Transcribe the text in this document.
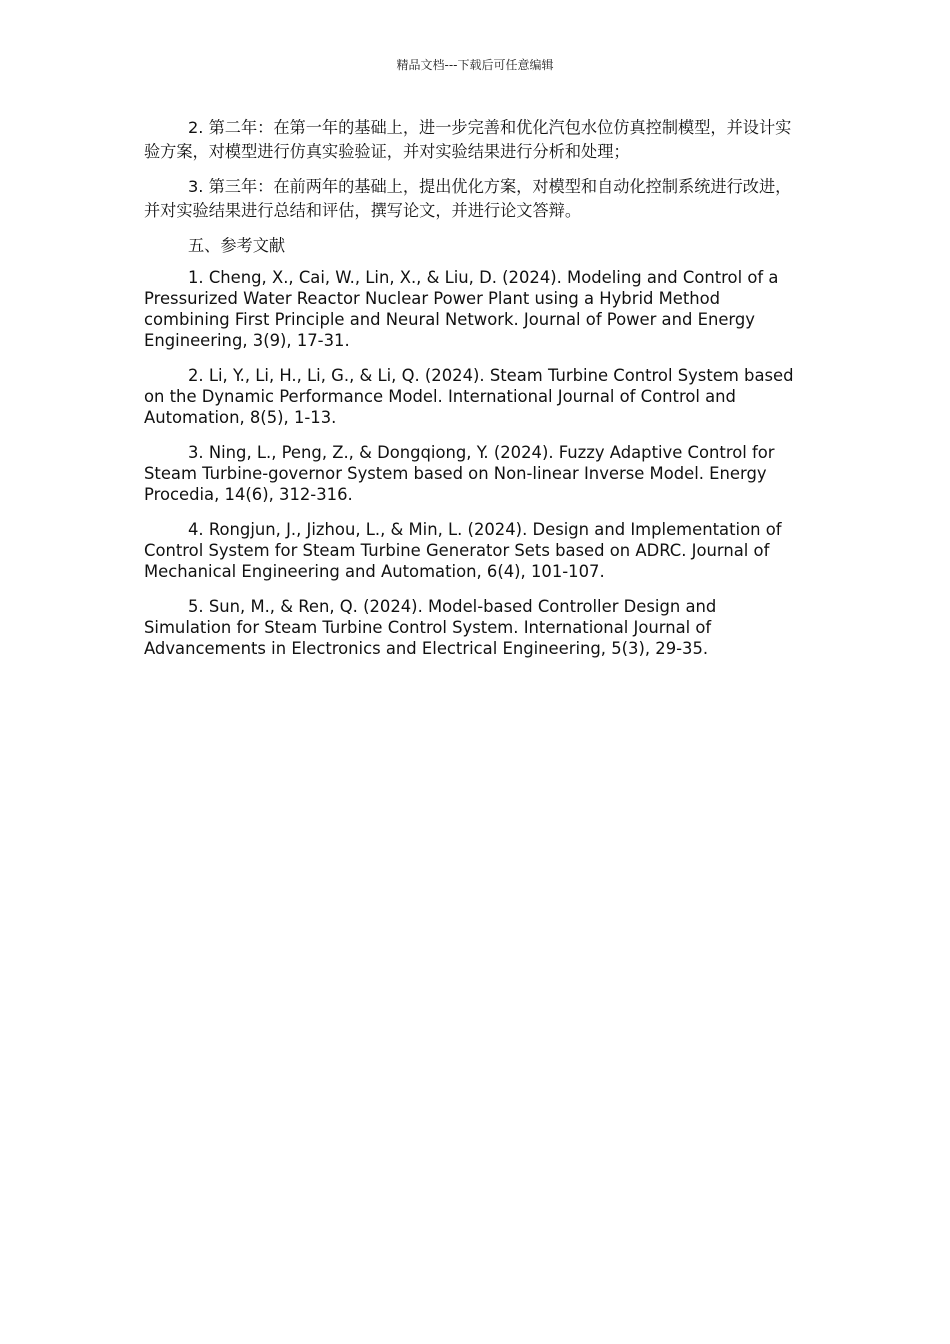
精品文档---下载后可任意编辑

2. 第二年：在第一年的基础上，进一步完善和优化汽包水位仿真控制模型，并设计实验方案，对模型进行仿真实验验证，并对实验结果进行分析和处理；

3. 第三年：在前两年的基础上，提出优化方案，对模型和自动化控制系统进行改进，并对实验结果进行总结和评估，撰写论文，并进行论文答辩。

五、参考文献

1. Cheng, X., Cai, W., Lin, X., & Liu, D. (2024). Modeling and Control of a Pressurized Water Reactor Nuclear Power Plant using a Hybrid Method combining First Principle and Neural Network. Journal of Power and Energy Engineering, 3(9), 17-31.

2. Li, Y., Li, H., Li, G., & Li, Q. (2024). Steam Turbine Control System based on the Dynamic Performance Model. International Journal of Control and Automation, 8(5), 1-13.

3. Ning, L., Peng, Z., & Dongqiong, Y. (2024). Fuzzy Adaptive Control for Steam Turbine-governor System based on Non-linear Inverse Model. Energy Procedia, 14(6), 312-316.

4. Rongjun, J., Jizhou, L., & Min, L. (2024). Design and Implementation of Control System for Steam Turbine Generator Sets based on ADRC. Journal of Mechanical Engineering and Automation, 6(4), 101-107.

5. Sun, M., & Ren, Q. (2024). Model-based Controller Design and Simulation for Steam Turbine Control System. International Journal of Advancements in Electronics and Electrical Engineering, 5(3), 29-35.
